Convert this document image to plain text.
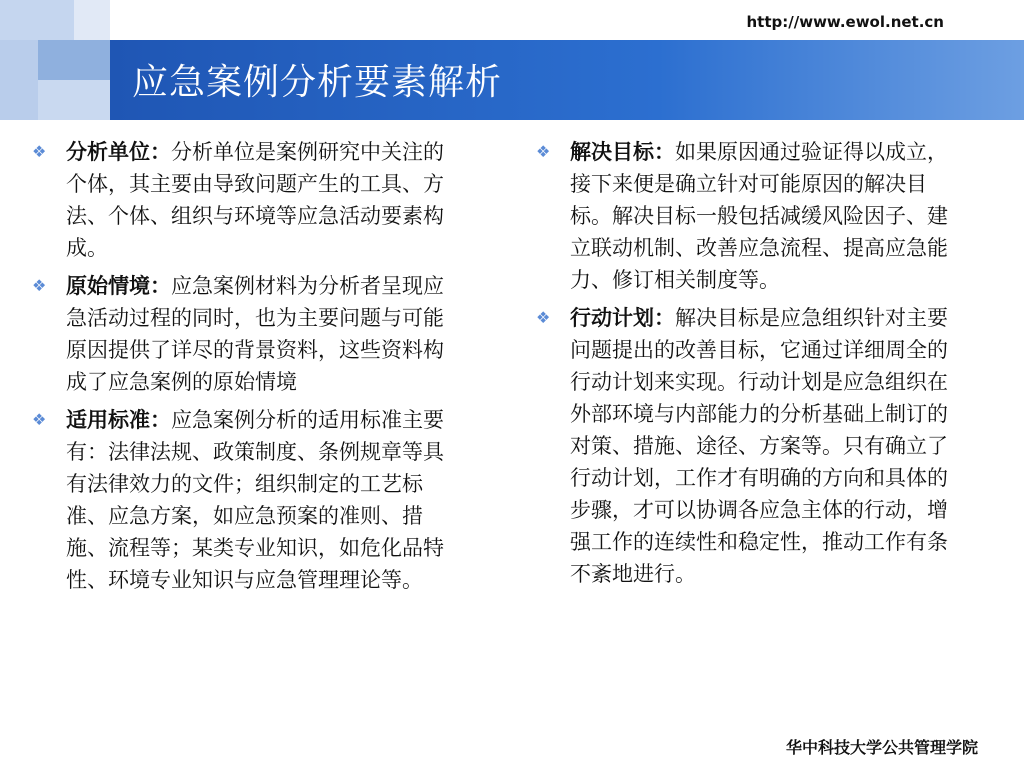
http://www.ewol.net.cn
应急案例分析要素解析
❖ 分析单位：分析单位是案例研究中关注的个体，其主要由导致问题产生的工具、方法、个体、组织与环境等应急活动要素构成。
❖ 原始情境：应急案例材料为分析者呈现应急活动过程的同时，也为主要问题与可能原因提供了详尽的背景资料，这些资料构成了应急案例的原始情境
❖ 适用标准：应急案例分析的适用标准主要有：法律法规、政策制度、条例规章等具有法律效力的文件；组织制定的工艺标准、应急方案，如应急预案的准则、措施、流程等；某类专业知识，如危化品特性、环境专业知识与应急管理理论等。
❖ 解决目标：如果原因通过验证得以成立，接下来便是确立针对可能原因的解决目标。解决目标一般包括减缓风险因子、建立联动机制、改善应急流程、提高应急能力、修订相关制度等。
❖ 行动计划：解决目标是应急组织针对主要问题提出的改善目标，它通过详细周全的行动计划来实现。行动计划是应急组织在外部环境与内部能力的分析基础上制订的对策、措施、途径、方案等。只有确立了行动计划，工作才有明确的方向和具体的步骤，才可以协调各应急主体的行动，增强工作的连续性和稳定性，推动工作有条不紊地进行。
华中科技大学公共管理学院
